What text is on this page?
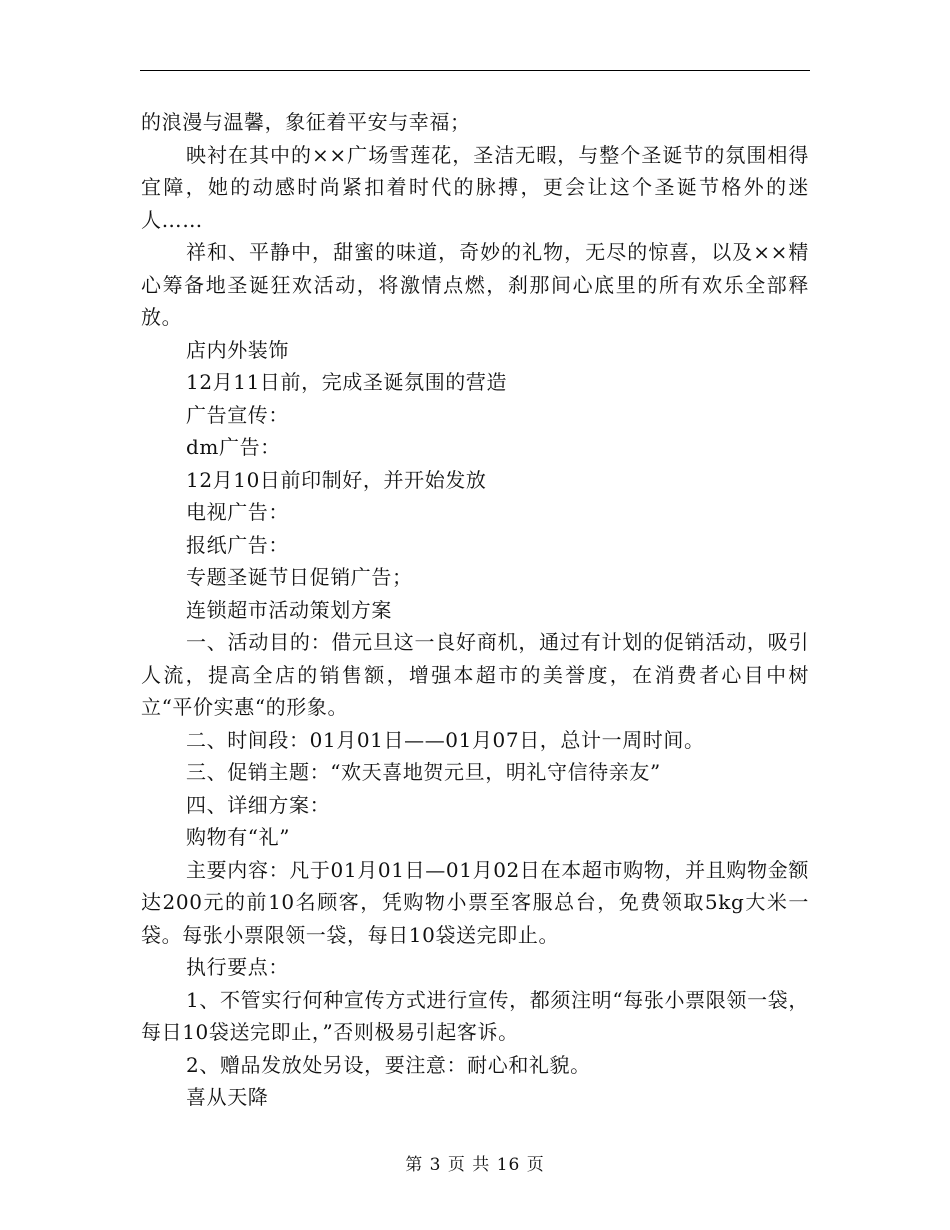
的浪漫与温馨，象征着平安与幸福；

映衬在其中的××广场雪莲花，圣洁无暇，与整个圣诞节的氛围相得宜障，她的动感时尚紧扣着时代的脉搏，更会让这个圣诞节格外的迷人……

祥和、平静中，甜蜜的味道，奇妙的礼物，无尽的惊喜，以及××精心筹备地圣诞狂欢活动，将激情点燃，刹那间心底里的所有欢乐全部释放。

店内外装饰

12月11日前，完成圣诞氛围的营造

广告宣传：

dm广告：

12月10日前印制好，并开始发放

电视广告：

报纸广告：

专题圣诞节日促销广告；

连锁超市活动策划方案

一、活动目的：借元旦这一良好商机，通过有计划的促销活动，吸引人流，提高全店的销售额，增强本超市的美誉度，在消费者心目中树立“平价实惠“的形象。

二、时间段：01月01日——01月07日，总计一周时间。

三、促销主题：“欢天喜地贺元旦，明礼守信待亲友”

四、详细方案：

购物有“礼”

主要内容：凡于01月01日—01月02日在本超市购物，并且购物金额达200元的前10名顾客，凭购物小票至客服总台，免费领取5kg大米一袋。每张小票限领一袋，每日10袋送完即止。

执行要点：

1、不管实行何种宣传方式进行宣传，都须注明“每张小票限领一袋，每日10袋送完即止，”否则极易引起客诉。

2、赠品发放处另设，要注意：耐心和礼貌。

喜从天降

第 3 页 共 16 页
